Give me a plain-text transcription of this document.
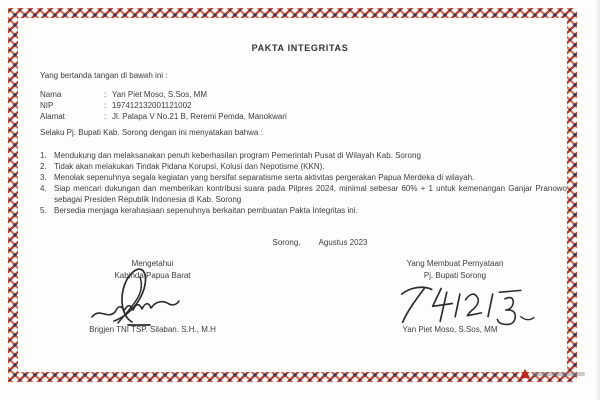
PAKTA INTEGRITAS
Yang bertanda tangan di bawah ini :
Nama	: Yan Piet Moso, S.Sos, MM
NIP	: 197412132001121002
Alamat	: Jl. Palapa V No.21 B, Reremi Pemda, Manokwari
Selaku Pj. Bupati Kab. Sorong dengan ini menyatakan bahwa :
1. Mendukung dan melaksanakan penuh keberhasilan program Pemerintah Pusat di Wilayah Kab. Sorong
2. Tidak akan melakukan Tindak Pidana Korupsi, Kolusi dan Nepotisme (KKN).
3. Menolak sepenuhnya segala kegiatan yang bersifat separatisme serta aktivitas pergerakan Papua Merdeka di wilayah.
4. Siap mencari dukungan dan memberikan kontribusi suara pada Pilpres 2024, minimal sebesar 60% + 1 untuk kemenangan Ganjar Pranowo sebagai Presiden Republik Indonesia di Kab. Sorong
5. Bersedia menjaga kerahasiaan sepenuhnya berkaitan pembuatan Pakta Integritas ini.
Sorong, Agustus 2023
Mengetahui
Kabinda Papua Barat
Yang Membuat Pernyataan
Pj. Bupati Sorong
Brigjen TNI TSP. Silaban. S.H., M.H	Yan Piet Moso, S.Sos, MM
